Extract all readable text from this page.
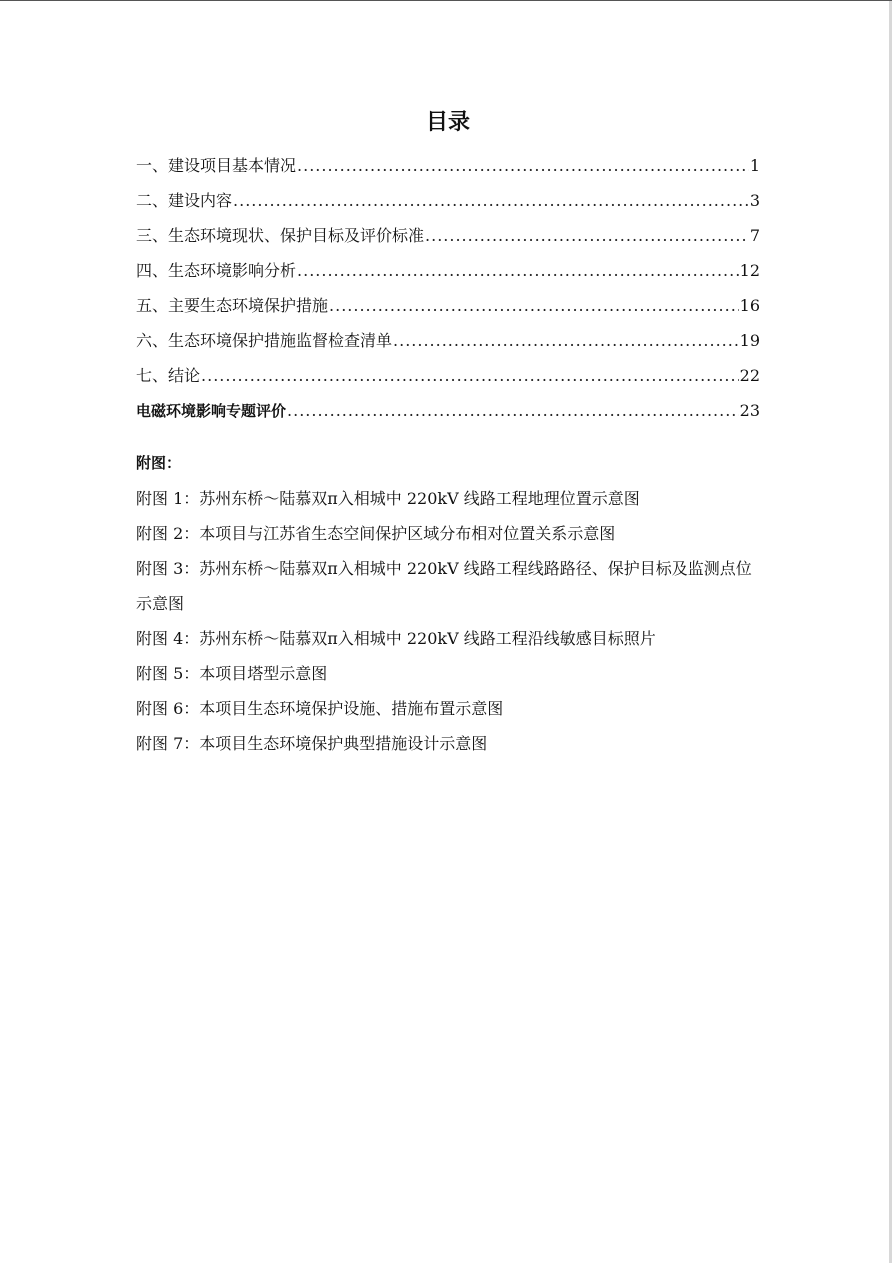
目录
一、建设项目基本情况 .....	1
二、建设内容 .....	3
三、生态环境现状、保护目标及评价标准 .....	7
四、生态环境影响分析 .....	12
五、主要生态环境保护措施 .....	16
六、生态环境保护措施监督检查清单 .....	19
七、结论 .....	22
电磁环境影响专题评价 .....	23
附图：
附图 1：苏州东桥～陆慕双π入相城中 220kV 线路工程地理位置示意图
附图 2：本项目与江苏省生态空间保护区域分布相对位置关系示意图
附图 3：苏州东桥～陆慕双π入相城中 220kV 线路工程线路路径、保护目标及监测点位示意图
附图 4：苏州东桥～陆慕双π入相城中 220kV 线路工程沿线敏感目标照片
附图 5：本项目塔型示意图
附图 6：本项目生态环境保护设施、措施布置示意图
附图 7：本项目生态环境保护典型措施设计示意图
